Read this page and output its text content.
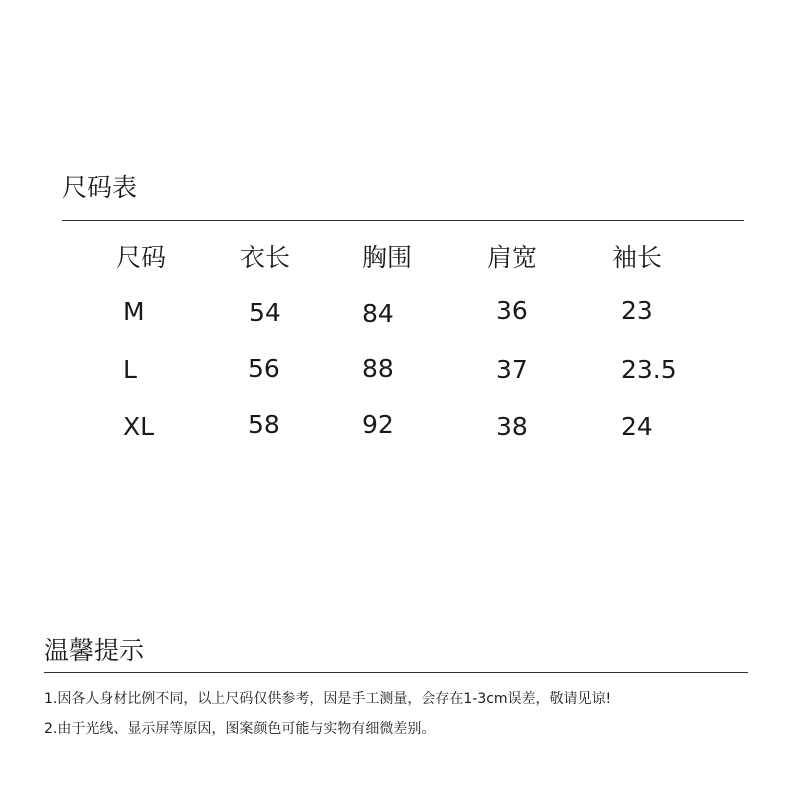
尺码表
尺码	衣长	胸围	肩宽	袖长
M	54	84	36	23
L	56	88	37	23.5
XL	58	92	38	24
温馨提示
1.因各人身材比例不同，以上尺码仅供参考，因是手工测量，会存在1-3cm误差，敬请见谅!
2.由于光线、显示屏等原因，图案颜色可能与实物有细微差别。
